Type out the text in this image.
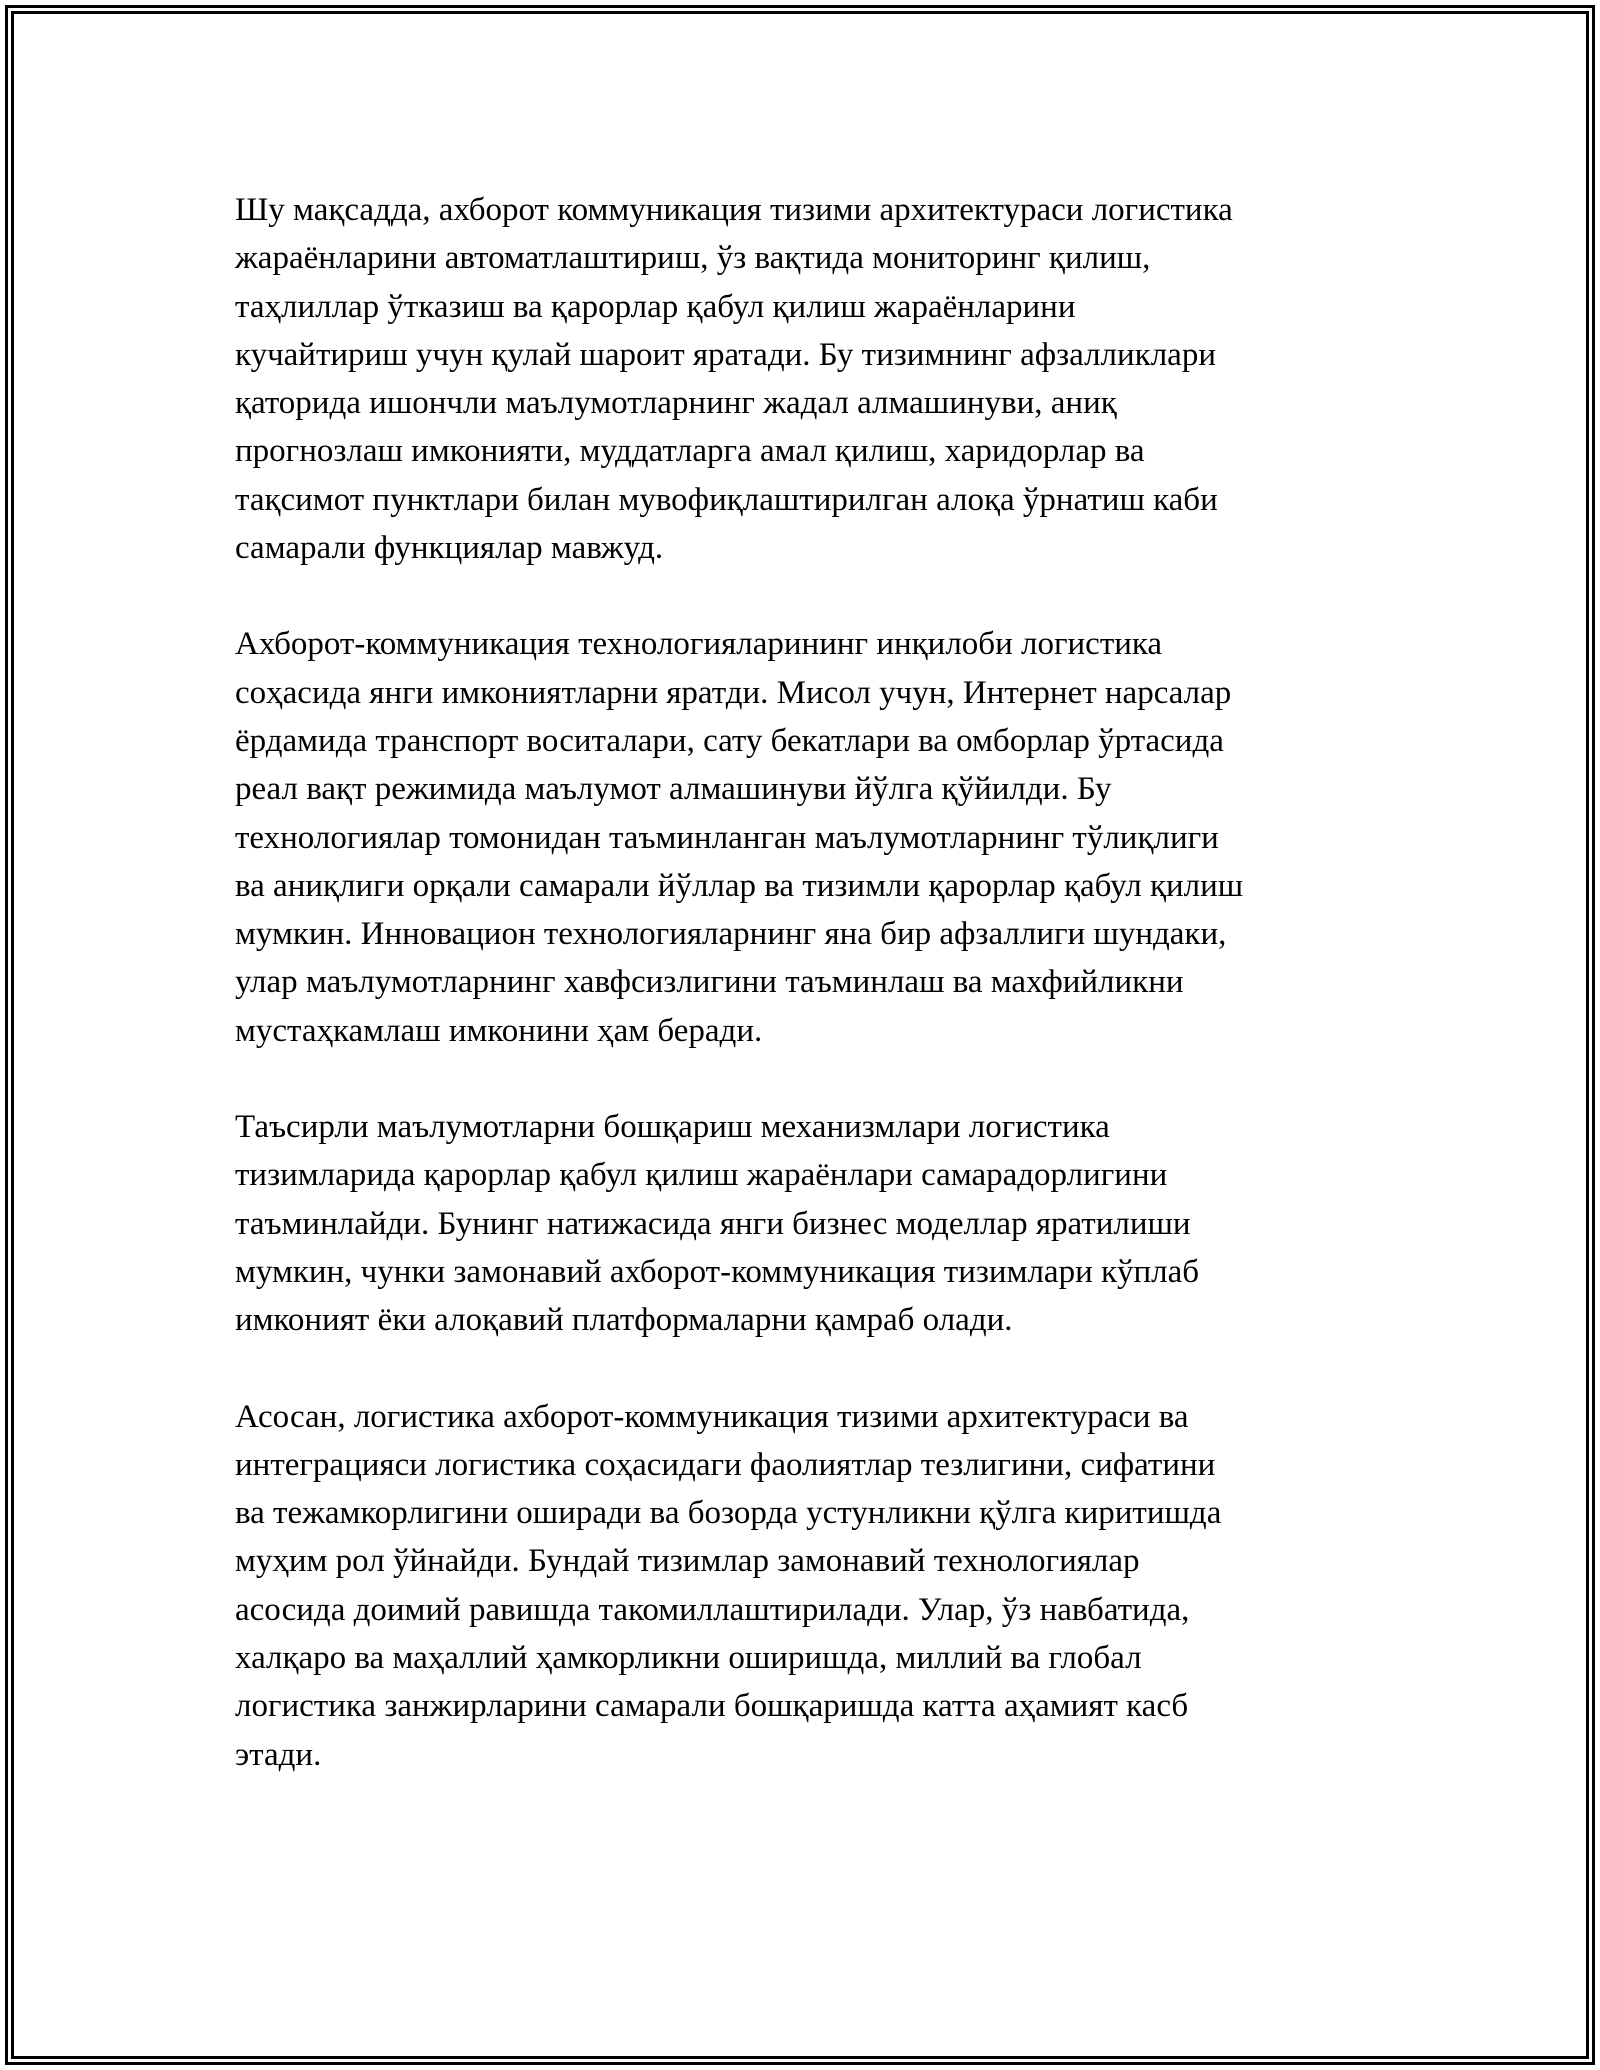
Шу мақсадда, ахборот коммуникация тизими архитектураси логистика
жараёнларини автоматлаштириш, ўз вақтида мониторинг қилиш,
таҳлиллар ўтказиш ва қарорлар қабул қилиш жараёнларини
кучайтириш учун қулай шароит яратади. Бу тизимнинг афзалликлари
қаторида ишончли маълумотларнинг жадал алмашинуви, аниқ
прогнозлаш имконияти, муддатларга амал қилиш, харидорлар ва
тақсимот пунктлари билан мувофиқлаштирилган алоқа ўрнатиш каби
самарали функциялар мавжуд.

Ахборот-коммуникация технологияларининг инқилоби логистика
соҳасида янги имкониятларни яратди. Мисол учун, Интернет нарсалар
ёрдамида транспорт воситалари, сату бекатлари ва омборлар ўртасида
реал вақт режимида маълумот алмашинуви йўлга қўйилди. Бу
технологиялар томонидан таъминланган маълумотларнинг тўлиқлиги
ва аниқлиги орқали самарали йўллар ва тизимли қарорлар қабул қилиш
мумкин. Инновацион технологияларнинг яна бир афзаллиги шундаки,
улар маълумотларнинг хавфсизлигини таъминлаш ва махфийликни
мустаҳкамлаш имконини ҳам беради.

Таъсирли маълумотларни бошқариш механизмлари логистика
тизимларида қарорлар қабул қилиш жараёнлари самарадорлигини
таъминлайди. Бунинг натижасида янги бизнес моделлар яратилиши
мумкин, чунки замонавий ахборот-коммуникация тизимлари кўплаб
имконият ёки алоқавий платформаларни қамраб олади.

Асосан, логистика ахборот-коммуникация тизими архитектураси ва
интеграцияси логистика соҳасидаги фаолиятлар тезлигини, сифатини
ва тежамкорлигини оширади ва бозорда устунликни қўлга киритишда
муҳим рол ўйнайди. Бундай тизимлар замонавий технологиялар
асосида доимий равишда такомиллаштирилади. Улар, ўз навбатида,
халқаро ва маҳаллий ҳамкорликни оширишда, миллий ва глобал
логистика занжирларини самарали бошқаришда катта аҳамият касб
этади.
